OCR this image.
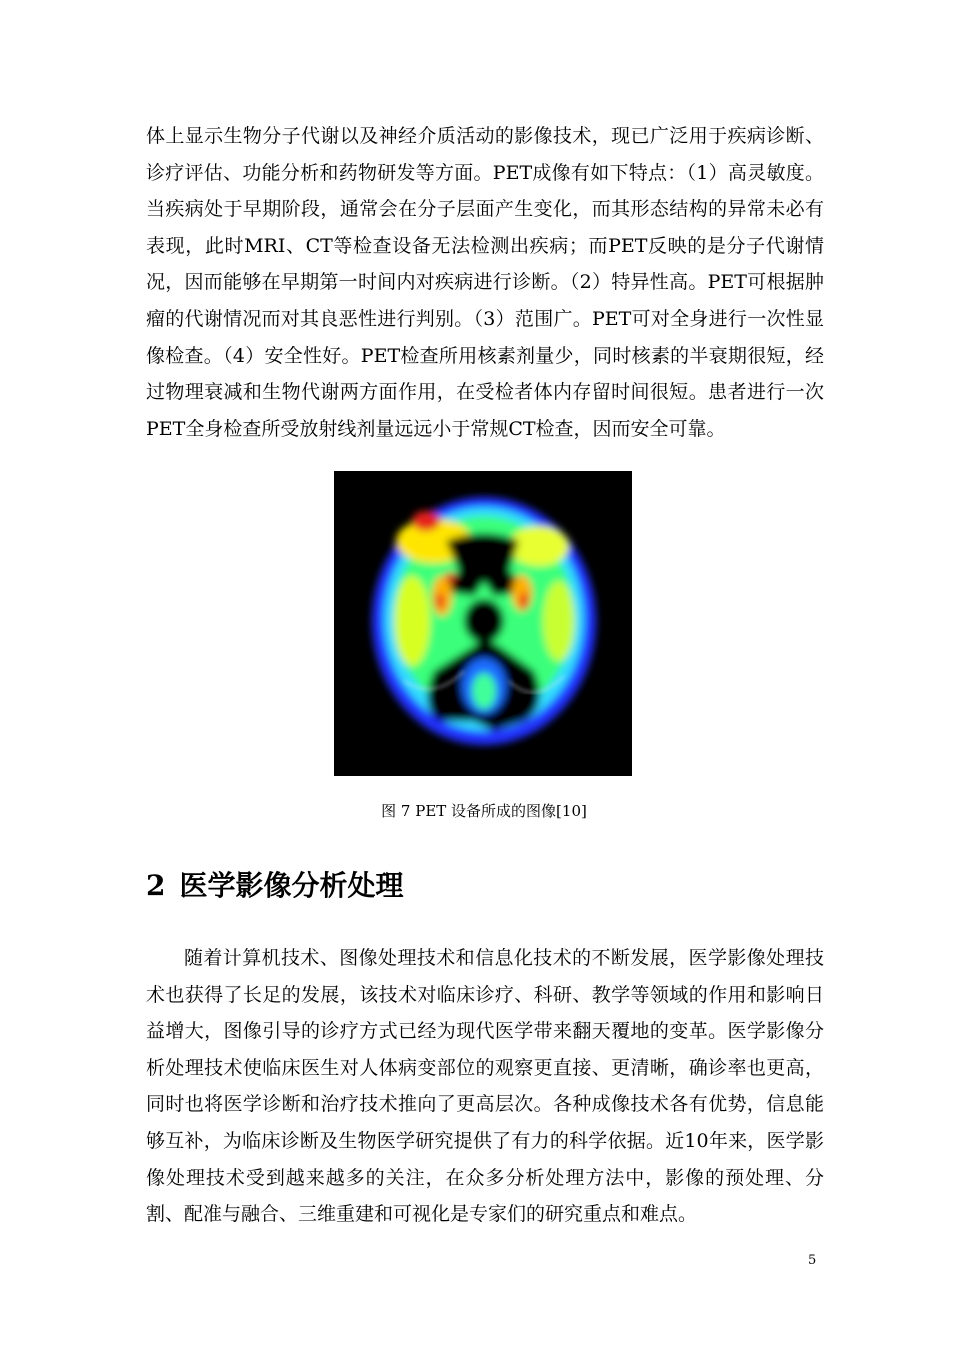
体上显示生物分子代谢以及神经介质活动的影像技术，现已广泛用于疾病诊断、诊疗评估、功能分析和药物研发等方面。PET成像有如下特点：（1）高灵敏度。当疾病处于早期阶段，通常会在分子层面产生变化，而其形态结构的异常未必有表现，此时MRI、CT等检查设备无法检测出疾病；而PET反映的是分子代谢情况，因而能够在早期第一时间内对疾病进行诊断。（2）特异性高。PET可根据肿瘤的代谢情况而对其良恶性进行判别。（3）范围广。PET可对全身进行一次性显像检查。（4）安全性好。PET检查所用核素剂量少，同时核素的半衰期很短，经过物理衰减和生物代谢两方面作用，在受检者体内存留时间很短。患者进行一次PET全身检查所受放射线剂量远远小于常规CT检查，因而安全可靠。

图 7 PET 设备所成的图像[10]
2 医学影像分析处理

随着计算机技术、图像处理技术和信息化技术的不断发展，医学影像处理技术也获得了长足的发展，该技术对临床诊疗、科研、教学等领域的作用和影响日益增大，图像引导的诊疗方式已经为现代医学带来翻天覆地的变革。医学影像分析处理技术使临床医生对人体病变部位的观察更直接、更清晰，确诊率也更高，同时也将医学诊断和治疗技术推向了更高层次。各种成像技术各有优势，信息能够互补，为临床诊断及生物医学研究提供了有力的科学依据。近10年来，医学影像处理技术受到越来越多的关注，在众多分析处理方法中，影像的预处理、分割、配准与融合、三维重建和可视化是专家们的研究重点和难点。

5
